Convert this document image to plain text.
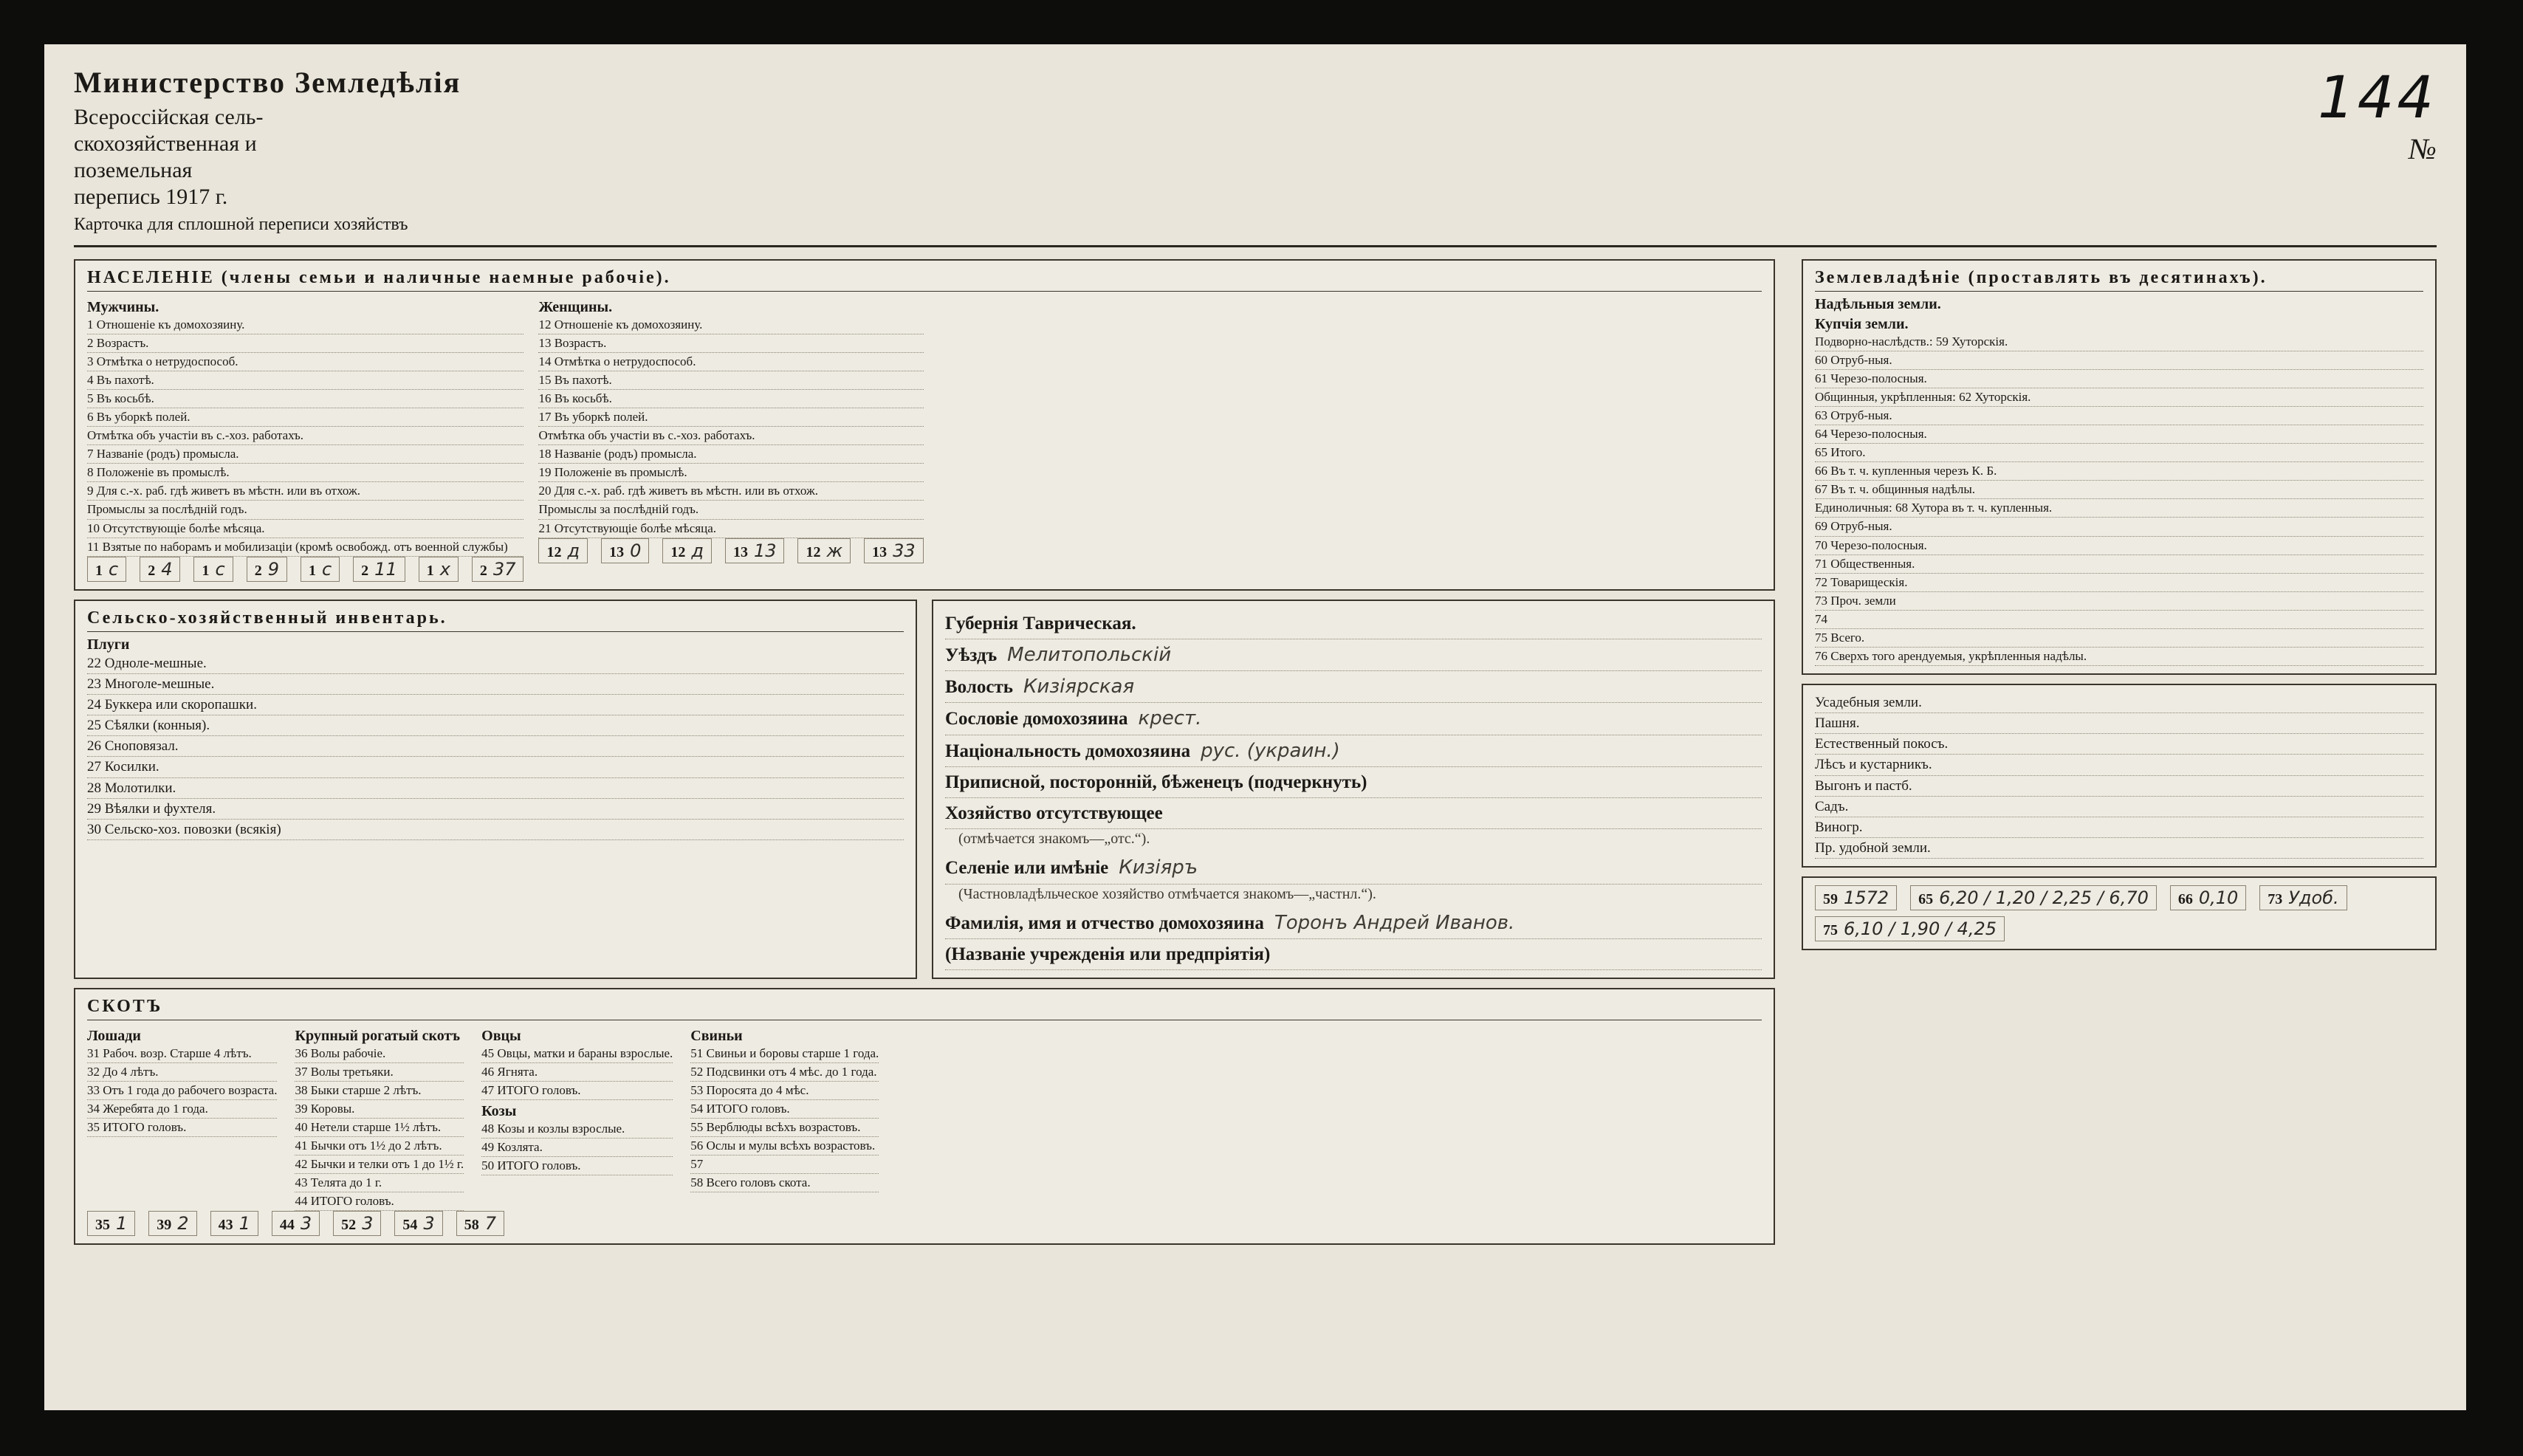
Министерство Земледѣлія
Всероссійская сель-
скохозяйственная и
поземельная
перепись 1917 г.
Карточка для сплошной переписи хозяйствъ
144
№
НАСЕЛЕНІЕ (члены семьи и наличные наемные рабочіе).
Мужчины.
1 Отношеніе къ домохозяину.
2 Возрастъ.
3 Отмѣтка о нетрудоспособ.
4 Въ пахотѣ.
5 Въ косьбѣ.
6 Въ уборкѣ полей.
Отмѣтка объ участіи въ с.-хоз. работахъ.
7 Названіе (родъ) промысла.
8 Положеніе въ промыслѣ.
9 Для с.-х. раб. гдѣ живетъ въ мѣстн. или въ отхож.
Промыслы за послѣдній годъ.
10 Отсутствующіе болѣе мѣсяца.
11 Взятые по наборамъ и мобилизаціи (кромѣ освобожд. отъ военной службы)
1 с 2 4 1 с 2 9 1 с 2 11 1 х 2 37
Женщины.
12 Отношеніе къ домохозяину.
13 Возрастъ.
14 Отмѣтка о нетрудоспособ.
15 Въ пахотѣ.
16 Въ косьбѣ.
17 Въ уборкѣ полей.
Отмѣтка объ участіи въ с.-хоз. работахъ.
18 Названіе (родъ) промысла.
19 Положеніе въ промыслѣ.
20 Для с.-х. раб. гдѣ живетъ въ мѣстн. или въ отхож.
Промыслы за послѣдній годъ.
21 Отсутствующіе болѣе мѣсяца.
12 д 13 0 12 д 13 13 12 ж 13 33
Сельско-хозяйственный инвентарь.
Плуги
22 Одноле-мешные.
23 Многоле-мешные.
24 Буккера или скоропашки.
25 Сѣялки (конныя).
26 Сноповязал.
27 Косилки.
28 Молотилки.
29 Вѣялки и фухтеля.
30 Сельско-хоз. повозки (всякія)
Губернія Таврическая.
Уѣздъ Мелитопольскій
Волость Кизіярская
Сословіе домохозяина крест.
Національность домохозяина рус. (украин.)
Приписной, посторонній, бѣженецъ (подчеркнуть)
Хозяйство отсутствующее
(отмѣчается знакомъ—„отс.“).
Селеніе или имѣніе Кизіяръ
(Частновладѣльческое хозяйство отмѣчается знакомъ—„частнл.“).
Фамилія, имя и отчество домохозяина Торонъ Андрей Иванов.
(Названіе учрежденія или предпріятія)
СКОТЪ
Лошади
31 Рабоч. возр. Старше 4 лѣтъ.
32 До 4 лѣтъ.
33 Отъ 1 года до рабочего возраста.
34 Жеребята до 1 года.
35 ИТОГО головъ.
Крупный рогатый скотъ
36 Волы рабочіе.
37 Волы третьяки.
38 Быки старше 2 лѣтъ.
39 Коровы.
40 Нетели старше 1½ лѣтъ.
41 Бычки отъ 1½ до 2 лѣтъ.
42 Бычки и телки отъ 1 до 1½ г.
43 Телята до 1 г.
44 ИТОГО головъ.
Овцы
45 Овцы, матки и бараны взрослые.
46 Ягнята.
47 ИТОГО головъ.
Козы
48 Козы и козлы взрослые.
49 Козлята.
50 ИТОГО головъ.
Свиньи
51 Свиньи и боровы старше 1 года.
52 Подсвинки отъ 4 мѣс. до 1 года.
53 Поросята до 4 мѣс.
54 ИТОГО головъ.
55 Верблюды всѣхъ возрастовъ.
56 Ослы и мулы всѣхъ возрастовъ.
57
58 Всего головъ скота.
35 1 39 2 43 1 44 3 52 3 54 3 58 7
Землевладѣніе (проставлять въ десятинахъ).
Надѣльныя земли.
Купчія земли.
Подворно-наслѣдств.: 59 Хуторскія.
60 Отруб-ныя.
61 Черезо-полосныя.
Общинныя, укрѣпленныя: 62 Хуторскія.
63 Отруб-ныя.
64 Черезо-полосныя.
65 Итого.
66 Въ т. ч. купленныя черезъ К. Б.
67 Въ т. ч. общинныя надѣлы.
Единоличныя: 68 Хутора въ т. ч. купленныя.
69 Отруб-ныя.
70 Черезо-полосныя.
71 Общественныя.
72 Товарищескія.
73 Проч. земли
74
75 Всего.
76 Сверхъ того арендуемыя, укрѣпленныя надѣлы.
Усадебныя земли.
Пашня.
Естественный покосъ.
Лѣсъ и кустарникъ.
Выгонъ и пастб.
Садъ.
Виногр.
Пр. удобной земли.
59 1572 65 6,20 / 1,20 / 2,25 / 6,70 66 0,10 73 Удоб.
75 6,10 / 1,90 / 4,25
